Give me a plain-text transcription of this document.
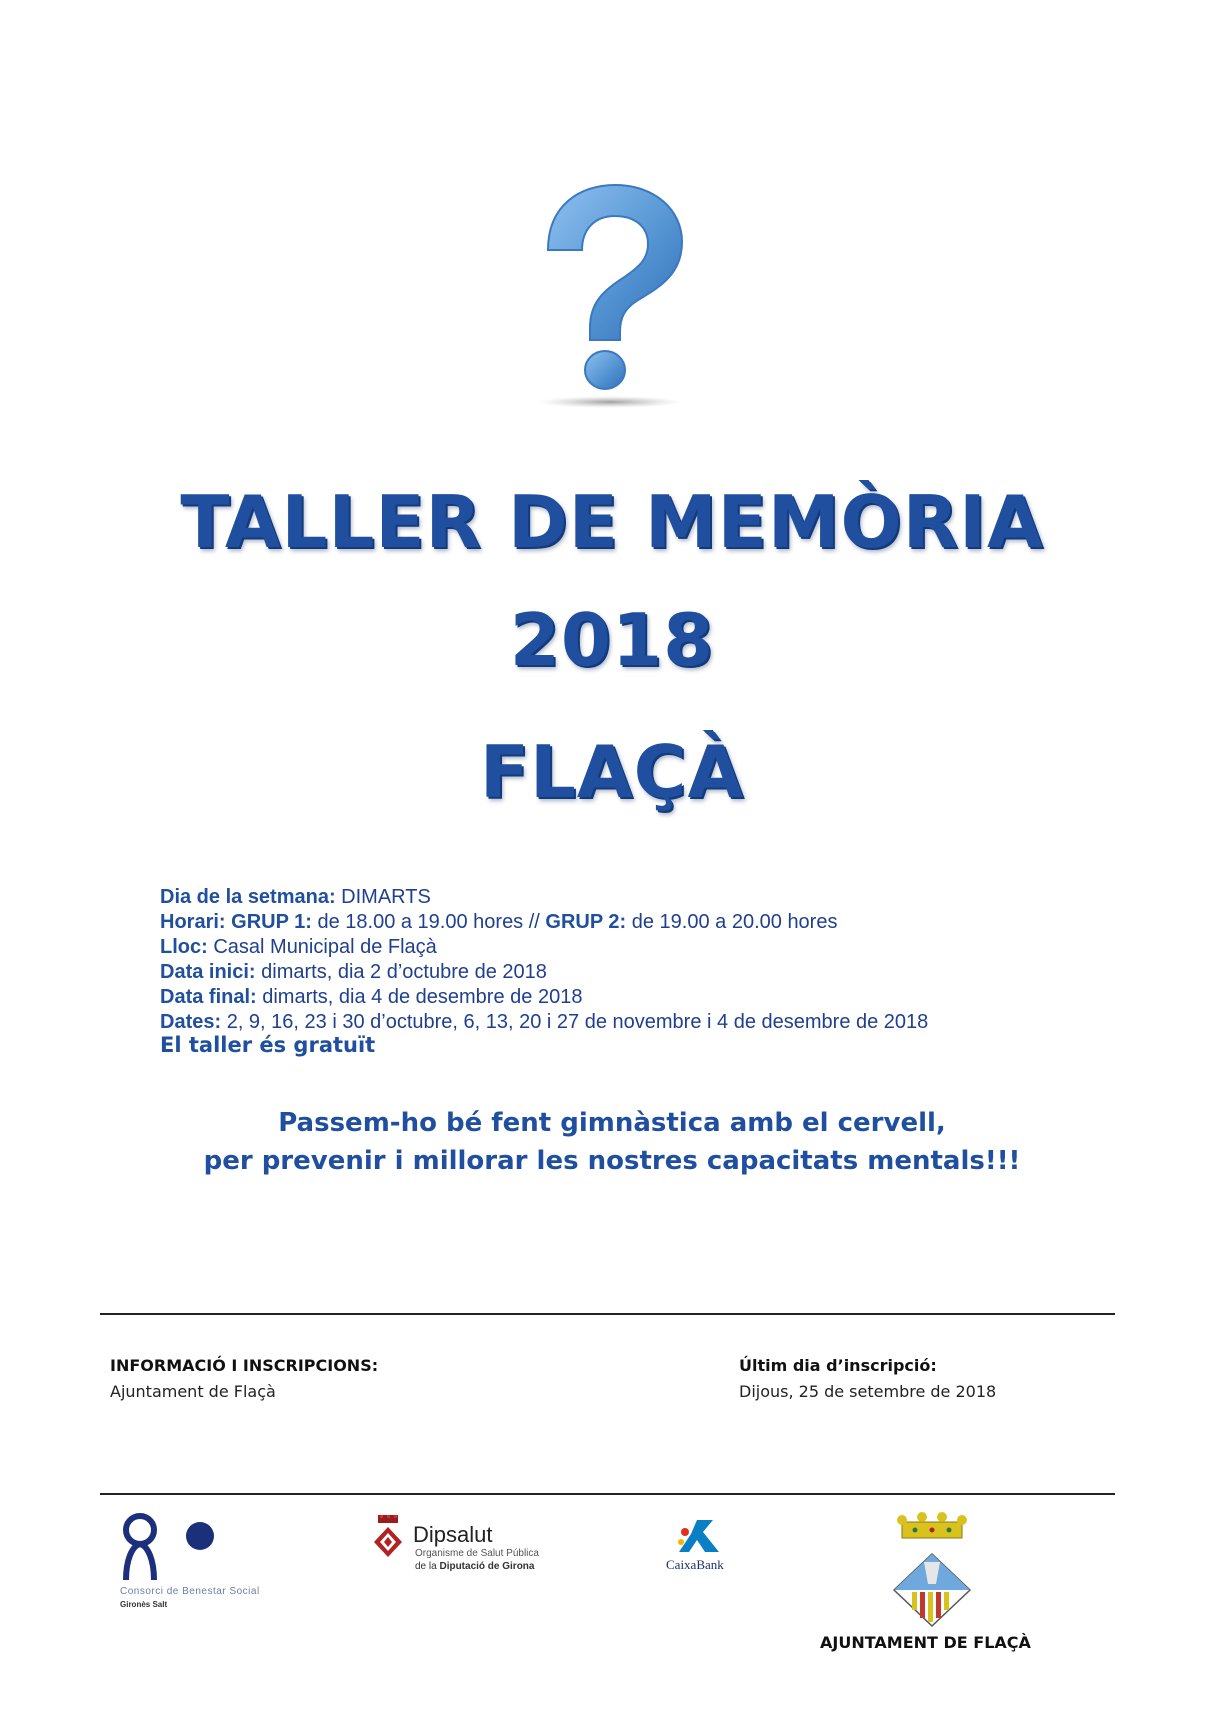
TALLER DE MEMÒRIA
2018
FLAÇÀ
Dia de la setmana: DIMARTS
Horari: GRUP 1: de 18.00 a 19.00 hores // GRUP 2: de 19.00 a 20.00 hores
Lloc: Casal Municipal de Flaçà
Data inici: dimarts, dia 2 d’octubre de 2018
Data final: dimarts, dia 4 de desembre de 2018
Dates: 2, 9, 16, 23 i 30 d’octubre, 6, 13, 20 i 27 de novembre i 4 de desembre de 2018
El taller és gratuït
Passem-ho bé fent gimnàstica amb el cervell,
per prevenir i millorar les nostres capacitats mentals!!!
INFORMACIÓ I INSCRIPCIONS:
Ajuntament de Flaçà
Últim dia d’inscripció:
Dijous, 25 de setembre de 2018
Consorci de Benestar Social
Gironès Salt
Dipsalut
Organisme de Salut Pública
de la Diputació de Girona	CaixaBank
AJUNTAMENT DE FLAÇÀ
